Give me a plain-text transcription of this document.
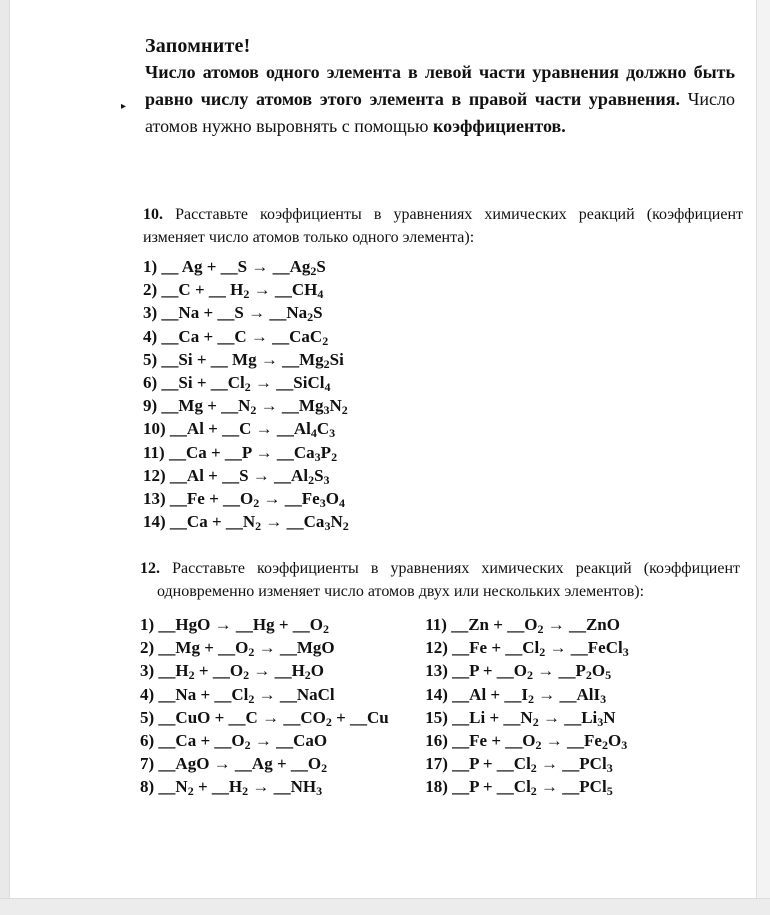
▸
Запомните!

Число атомов одного элемента в левой части уравнения должно быть равно числу атомов этого элемента в правой части уравнения. Число атомов нужно выровнять с помощью коэффициентов.

10. Расставьте коэффициенты в уравнениях химических реакций (коэффициент изменяет число атомов только одного элемента):

1) __ Ag + __S → $\_\_Ag_2S$
2) __C + __ $H_2$ → $\_\_CH_4$
3) __Na + __S → $\_\_Na_2S$
4) __Ca + __C → __CaC$_2$
5) __Si + __ $Mg \to \_\_Mg_2Si$
6) __Si + $\_\_Cl_2$ → __SiCl$_4$
9) __Mg + $\_\_N_2$ → $\_\_Mg_3N_2$
10) __Al + __C → $\_\_Al_4C_3$
11) __Ca + __P → $\_\_Ca_3P_2$
12) __Al + __S → $\_\_Al_2S_3$
13) __Fe + $\_\_O_2$ → $\_\_Fe_3O_4$
14) __Ca + $\_\_N_2$ → $\_\_Ca_3N_2$

12. Расставьте коэффициенты в уравнениях химических реакций (коэффициент одновременно изменяет число атомов двух или нескольких элементов):

1) __HgO → __Hg + $\_\_O_2$
2) __Mg + $\_\_O_2$ → __MgO
3) $\_\_H_2$ + $\_\_O_2$ → $\_\_H_2O$
4) __Na + $\_\_Cl_2$ → __NaCl
5) __CuO + __C → $\_\_CO_2$ + __Cu
6) __Ca + $\_\_O_2$ → __CaO
7) __AgO → __Ag + $\_\_O_2$
8) $\_\_N_2$ + $\_\_H_2$ → $\_\_NH_3$
11) __Zn + $\_\_O_2$ → __ZnO
12) __Fe + $\_\_Cl_2$ → __FeCl$_3$
13) __P + $\_\_O_2$ → $\_\_P_2O_5$
14) __Al + $\_\_I_2$ → __AlI$_3$
15) __Li + $\_\_N_2$ → $\_\_Li_3N$
16) __Fe + $\_\_O_2$ → $\_\_Fe_2O_3$
17) __P + $\_\_Cl_2$ → __PCl$_3$
18) __P + $\_\_Cl_2$ → __PCl$_5$
